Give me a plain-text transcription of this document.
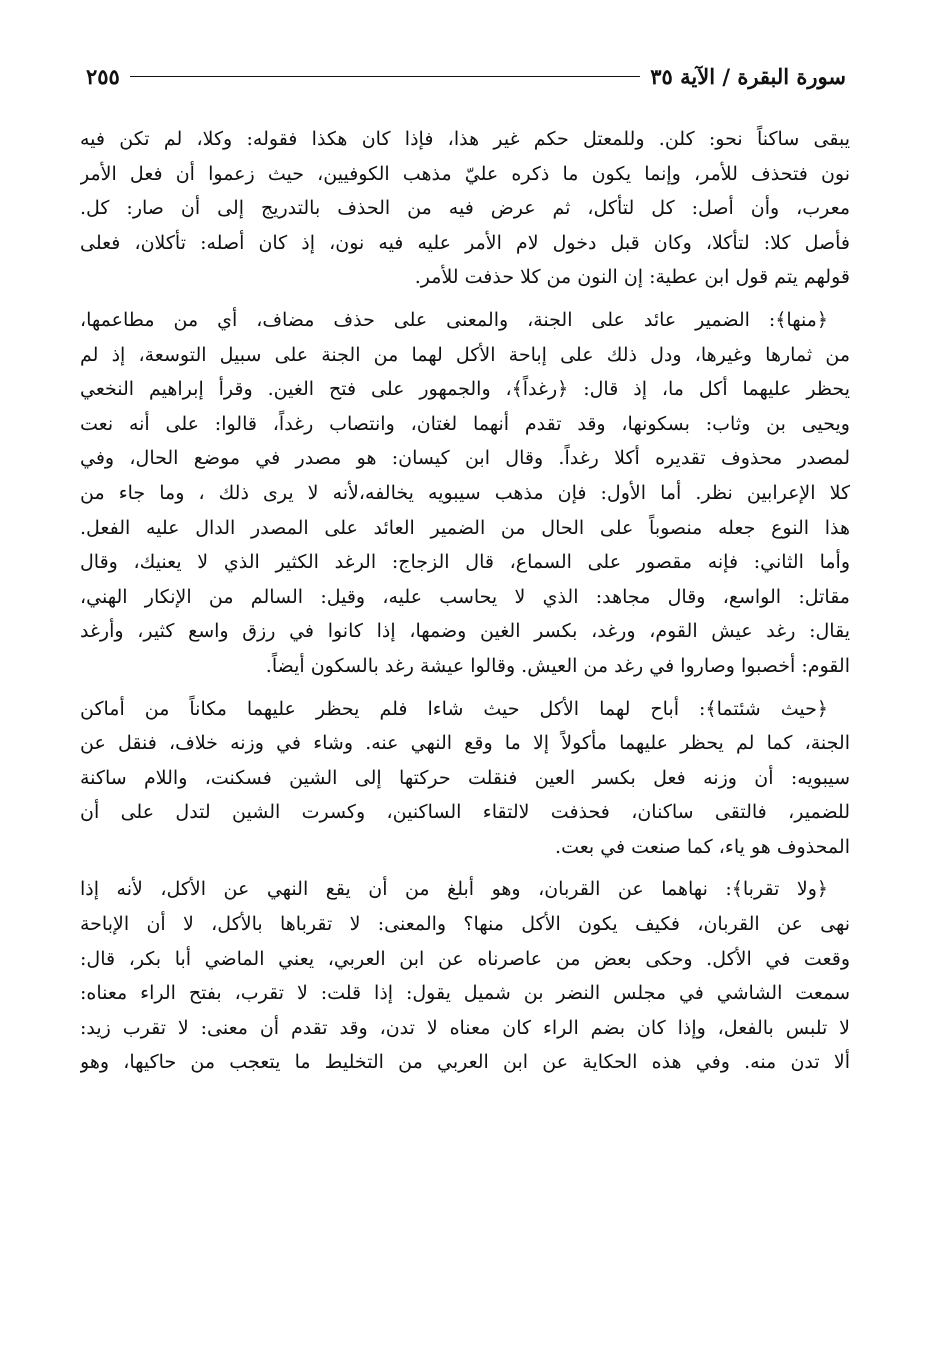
سورة البقرة / الآية ٣٥
٢٥٥

يبقى ساكناً نحو: كلن. وللمعتل حكم غير هذا، فإذا كان هكذا فقوله: وكلا، لم تكن فيه
نون فتحذف للأمر، وإنما يكون ما ذكره عليّ مذهب الكوفيين، حيث زعموا أن فعل الأمر
معرب، وأن أصل: كل لتأكل، ثم عرض فيه من الحذف بالتدريج إلى أن صار: كل.
فأصل كلا: لتأكلا، وكان قبل دخول لام الأمر عليه فيه نون، إذ كان أصله: تأكلان، فعلى
قولهم يتم قول ابن عطية: إن النون من كلا حذفت للأمر.

﴿منها﴾: الضمير عائد على الجنة، والمعنى على حذف مضاف، أي من مطاعمها،
من ثمارها وغيرها، ودل ذلك على إباحة الأكل لهما من الجنة على سبيل التوسعة، إذ لم
يحظر عليهما أكل ما، إذ قال: ﴿رغداً﴾، والجمهور على فتح الغين. وقرأ إبراهيم النخعي
ويحيى بن وثاب: بسكونها، وقد تقدم أنهما لغتان، وانتصاب رغداً، قالوا: على أنه نعت
لمصدر محذوف تقديره أكلا رغداً. وقال ابن كيسان: هو مصدر في موضع الحال، وفي
كلا الإعرابين نظر. أما الأول: فإن مذهب سيبويه يخالفه،لأنه لا يرى ذلك ، وما جاء من
هذا النوع جعله منصوباً على الحال من الضمير العائد على المصدر الدال عليه الفعل.
وأما الثاني: فإنه مقصور على السماع، قال الزجاج: الرغد الكثير الذي لا يعنيك، وقال
مقاتل: الواسع، وقال مجاهد: الذي لا يحاسب عليه، وقيل: السالم من الإنكار الهني،
يقال: رغد عيش القوم، ورغد، بكسر الغين وضمها، إذا كانوا في رزق واسع كثير، وأرغد
القوم: أخصبوا وصاروا في رغد من العيش. وقالوا عيشة رغد بالسكون أيضاً.

﴿حيث شئتما﴾: أباح لهما الأكل حيث شاءا فلم يحظر عليهما مكاناً من أماكن
الجنة، كما لم يحظر عليهما مأكولاً إلا ما وقع النهي عنه. وشاء في وزنه خلاف، فنقل عن
سيبويه: أن وزنه فعل بكسر العين فنقلت حركتها إلى الشين فسكنت، واللام ساكنة
للضمير، فالتقى ساكنان، فحذفت لالتقاء الساكنين، وكسرت الشين لتدل على أن
المحذوف هو ياء، كما صنعت في بعت.

﴿ولا تقربا﴾: نهاهما عن القربان، وهو أبلغ من أن يقع النهي عن الأكل، لأنه إذا
نهى عن القربان، فكيف يكون الأكل منها؟ والمعنى: لا تقرباها بالأكل، لا أن الإباحة
وقعت في الأكل. وحكى بعض من عاصرناه عن ابن العربي، يعني الماضي أبا بكر، قال:
سمعت الشاشي في مجلس النضر بن شميل يقول: إذا قلت: لا تقرب، بفتح الراء معناه:
لا تلبس بالفعل، وإذا كان بضم الراء كان معناه لا تدن، وقد تقدم أن معنى: لا تقرب زيد:
ألا تدن منه. وفي هذه الحكاية عن ابن العربي من التخليط ما يتعجب من حاكيها، وهو
